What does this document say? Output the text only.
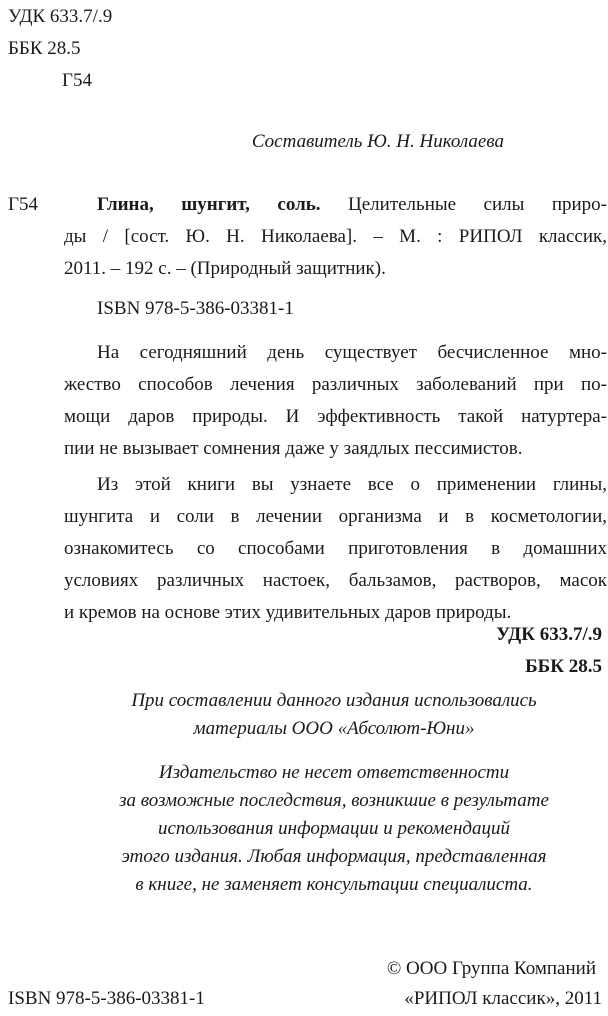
УДК 633.7/.9
ББК 28.5
Г54
Составитель Ю. Н. Николаева
Г54	Глина, шунгит, соль. Целительные силы приро-
ды / [сост. Ю. Н. Николаева]. – М. : РИПОЛ классик,
2011. – 192 с. – (Природный защитник).
ISBN 978-5-386-03381-1
На сегодняшний день существует бесчисленное мно-
жество способов лечения различных заболеваний при по-
мощи даров природы. И эффективность такой натуртера-
пии не вызывает сомнения даже у заядлых пессимистов.
Из этой книги вы узнаете все о применении глины,
шунгита и соли в лечении организма и в косметологии,
ознакомитесь со способами приготовления в домашних
условиях различных настоек, бальзамов, растворов, масок
и кремов на основе этих удивительных даров природы.
УДК 633.7/.9
ББК 28.5
При составлении данного издания использовались
материалы ООО «Абсолют-Юни»
Издательство не несет ответственности
за возможные последствия, возникшие в результате
использования информации и рекомендаций
этого издания. Любая информация, представленная
в книге, не заменяет консультации специалиста.
© ООО Группа Компаний
ISBN 978-5-386-03381-1	«РИПОЛ классик», 2011
